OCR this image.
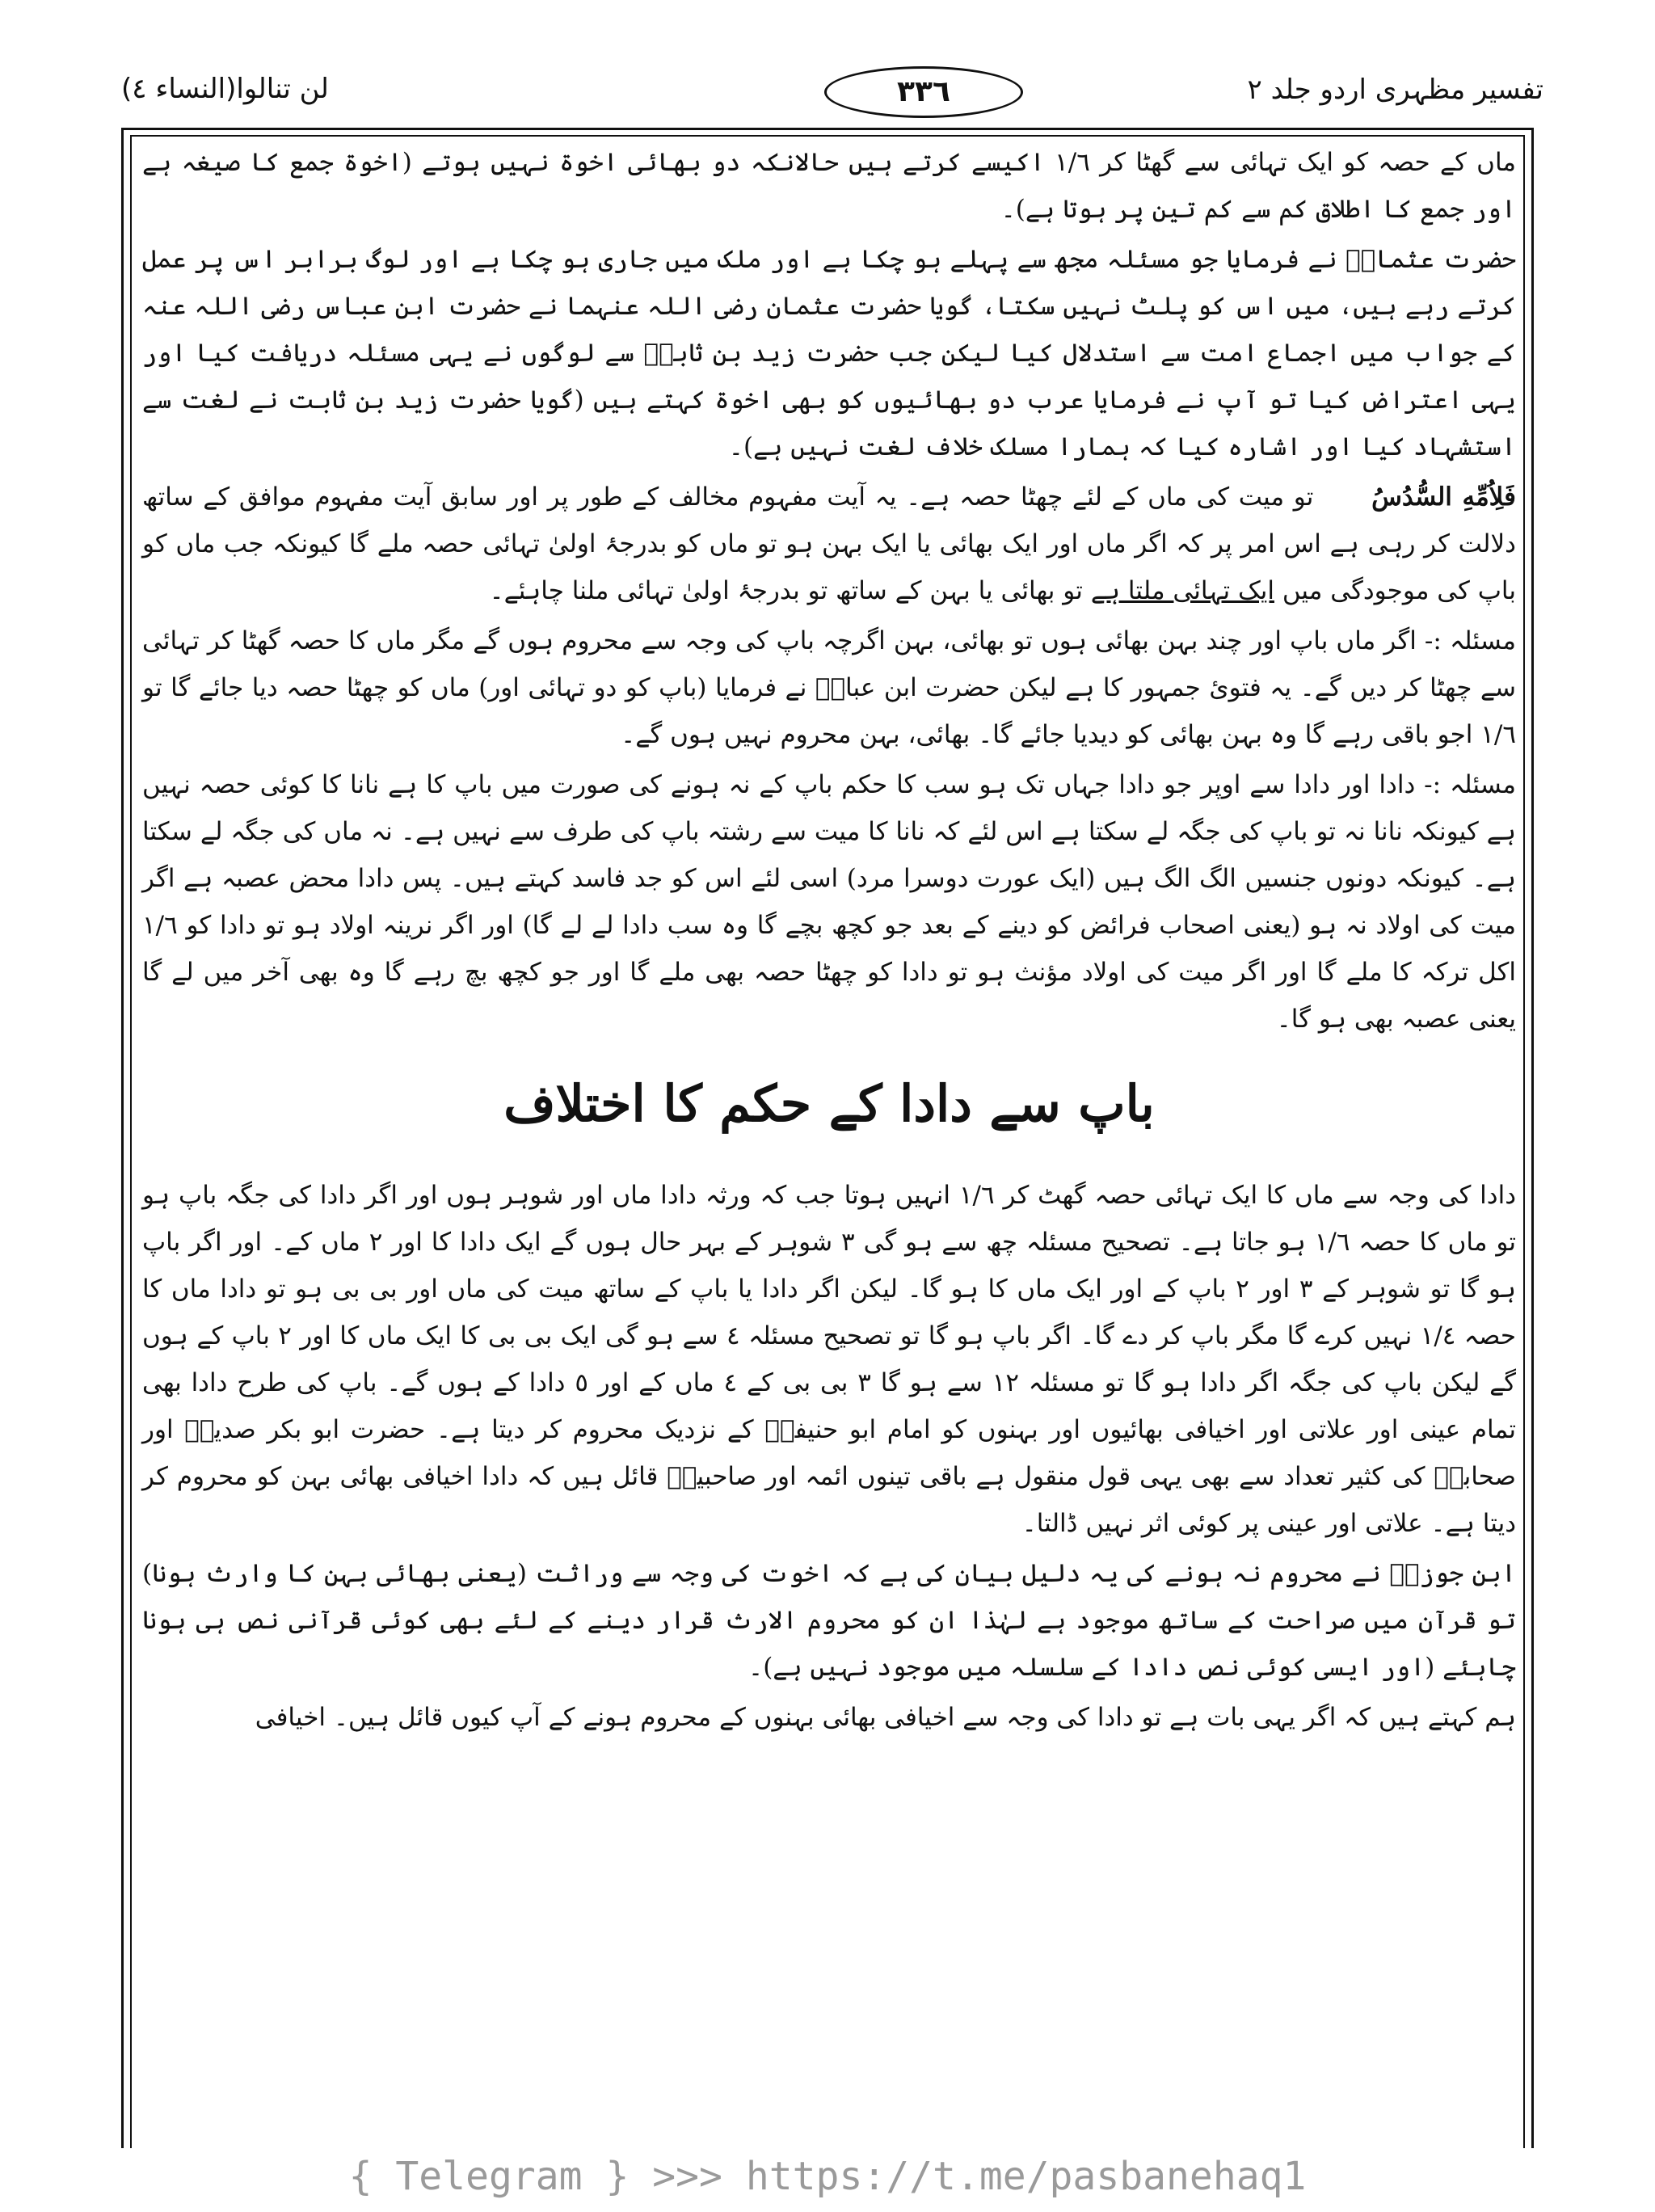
لن تنالوا(النساء ٤)	٣٣٦	تفسیر مظہری اردو جلد ٢

ماں کے حصہ کو ایک تہائی سے گھٹا کر ١/٦ اکیسے کرتے ہیں حالانکہ دو بھائی اخوۃ نہیں ہوتے (اخوۃ جمع کا صیغہ ہے اور جمع کا اطلاق کم سے کم تین پر ہوتا ہے)۔

حضرت عثمانؓ نے فرمایا جو مسئلہ مجھ سے پہلے ہو چکا ہے اور ملک میں جاری ہو چکا ہے اور لوگ برابر اس پر عمل کرتے رہے ہیں، میں اس کو پلٹ نہیں سکتا، گویا حضرت عثمان رضی اللہ عنہما نے حضرت ابن عباس رضی اللہ عنہ کے جواب میں اجماع امت سے استدلال کیا لیکن جب حضرت زید بن ثابتؓ سے لوگوں نے یہی مسئلہ دریافت کیا اور یہی اعتراض کیا تو آپ نے فرمایا عرب دو بھائیوں کو بھی اخوۃ کہتے ہیں (گویا حضرت زید بن ثابت نے لغت سے استشہاد کیا اور اشارہ کیا کہ ہمارا مسلک خلاف لغت نہیں ہے)۔

فَلِاُمِّهِ السُّدُسُ تو میت کی ماں کے لئے چھٹا حصہ ہے۔ یہ آیت مفہوم مخالف کے طور پر اور سابق آیت مفہوم موافق کے ساتھ دلالت کر رہی ہے اس امر پر کہ اگر ماں اور ایک بھائی یا ایک بہن ہو تو ماں کو بدرجۂ اولیٰ تہائی حصہ ملے گا کیونکہ جب ماں کو باپ کی موجودگی میں ایک تہائی ملتا ہے تو بھائی یا بہن کے ساتھ تو بدرجۂ اولیٰ تہائی ملنا چاہئے۔

مسئلہ :- اگر ماں باپ اور چند بہن بھائی ہوں تو بھائی، بہن اگرچہ باپ کی وجہ سے محروم ہوں گے مگر ماں کا حصہ گھٹا کر تہائی سے چھٹا کر دیں گے۔ یہ فتوئ جمہور کا ہے لیکن حضرت ابن عباسؓ نے فرمایا (باپ کو دو تہائی اور) ماں کو چھٹا حصہ دیا جائے گا تو ١/٦ اجو باقی رہے گا وہ بہن بھائی کو دیدیا جائے گا۔ بھائی، بہن محروم نہیں ہوں گے۔

مسئلہ :- دادا اور دادا سے اوپر جو دادا جہاں تک ہو سب کا حکم باپ کے نہ ہونے کی صورت میں باپ کا ہے نانا کا کوئی حصہ نہیں ہے کیونکہ نانا نہ تو باپ کی جگہ لے سکتا ہے اس لئے کہ نانا کا میت سے رشتہ باپ کی طرف سے نہیں ہے۔ نہ ماں کی جگہ لے سکتا ہے۔ کیونکہ دونوں جنسیں الگ الگ ہیں (ایک عورت دوسرا مرد) اسی لئے اس کو جد فاسد کہتے ہیں۔ پس دادا محض عصبہ ہے اگر میت کی اولاد نہ ہو (یعنی اصحاب فرائض کو دینے کے بعد جو کچھ بچے گا وہ سب دادا لے لے گا) اور اگر نرینہ اولاد ہو تو دادا کو ١/٦ اکل ترکہ کا ملے گا اور اگر میت کی اولاد مؤنث ہو تو دادا کو چھٹا حصہ بھی ملے گا اور جو کچھ بچ رہے گا وہ بھی آخر میں لے گا یعنی عصبہ بھی ہو گا۔

باپ سے دادا کے حکم کا اختلاف

دادا کی وجہ سے ماں کا ایک تہائی حصہ گھٹ کر ١/٦ انہیں ہوتا جب کہ ورثہ دادا ماں اور شوہر ہوں اور اگر دادا کی جگہ باپ ہو تو ماں کا حصہ ١/٦ ہو جاتا ہے۔ تصحیح مسئلہ چھ سے ہو گی ٣ شوہر کے بہر حال ہوں گے ایک دادا کا اور ٢ ماں کے۔ اور اگر باپ ہو گا تو شوہر کے ٣ اور ٢ باپ کے اور ایک ماں کا ہو گا۔ لیکن اگر دادا یا باپ کے ساتھ میت کی ماں اور بی بی ہو تو دادا ماں کا حصہ ١/٤ نہیں کرے گا مگر باپ کر دے گا۔ اگر باپ ہو گا تو تصحیح مسئلہ ٤ سے ہو گی ایک بی بی کا ایک ماں کا اور ٢ باپ کے ہوں گے لیکن باپ کی جگہ اگر دادا ہو گا تو مسئلہ ١٢ سے ہو گا ٣ بی بی کے ٤ ماں کے اور ٥ دادا کے ہوں گے۔ باپ کی طرح دادا بھی تمام عینی اور علاتی اور اخیافی بھائیوں اور بہنوں کو امام ابو حنیفہؒ کے نزدیک محروم کر دیتا ہے۔ حضرت ابو بکر صدیقؓ اور صحابہؓ کی کثیر تعداد سے بھی یہی قول منقول ہے باقی تینوں ائمہ اور صاحبینؒ قائل ہیں کہ دادا اخیافی بھائی بہن کو محروم کر دیتا ہے۔ علاتی اور عینی پر کوئی اثر نہیں ڈالتا۔

ابن جوزیؒ نے محروم نہ ہونے کی یہ دلیل بیان کی ہے کہ اخوت کی وجہ سے وراثت (یعنی بھائی بہن کا وارث ہونا) تو قرآن میں صراحت کے ساتھ موجود ہے لہٰذا ان کو محروم الارث قرار دینے کے لئے بھی کوئی قرآنی نص ہی ہونا چاہئے (اور ایسی کوئی نص دادا کے سلسلہ میں موجود نہیں ہے)۔

ہم کہتے ہیں کہ اگر یہی بات ہے تو دادا کی وجہ سے اخیافی بھائی بہنوں کے محروم ہونے کے آپ کیوں قائل ہیں۔ اخیافی

{ Telegram } >>> https://t.me/pasbanehaq1
